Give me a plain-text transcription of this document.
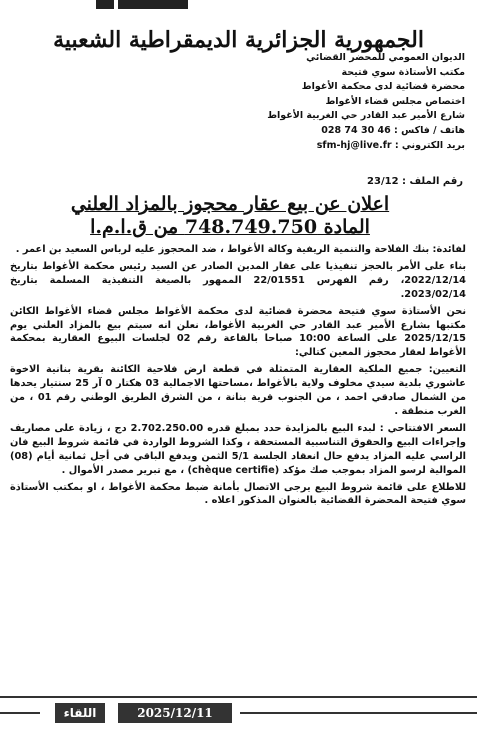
الجمهورية الجزائرية الديمقراطية الشعبية
الديوان العمومي للمحضر القضائي
مكتب الأستاذة سوي فتيحة
محضرة قضائية لدى محكمة الأغواط
اختصاص مجلس قضاء الأغواط
شارع الأمير عبد القادر حي الغربية الأغواط
هاتف / فاكس : 028 74 30 46
بريد الكتروني : sfm-hj@live.fr
رقم الملف : 23/12
اعلان عن بيع عقار محجوز بالمزاد العلني
المادة 748.749.750 من ق.ا.م.ا

لفائدة: بنك الفلاحة والتنمية الريفية وكالة الأغواط ، ضد المحجوز عليه لرباس السعيد بن اعمر .

بناء على الأمر بالحجز تنفيذيا على عقار المدين الصادر عن السيد رئيس محكمة الأغواط بتاريخ 2022/12/14، رقم الفهرس 22/01551 الممهور بالصيغة التنفيذية المسلمة بتاريخ 2023/02/14.

نحن الأستاذة سوي فتيحة محضرة قضائية لدى محكمة الأغواط مجلس قضاء الأغواط الكائن مكتبها بشارع الأمير عبد القادر حي الغربية الأغواط، نعلن انه سيتم بيع بالمزاد العلني يوم 2025/12/15 على الساعة 10:00 صباحا بالقاعة رقم 02 لجلسات البيوع العقارية بمحكمة الأغواط لعقار محجوز المعين كتالي:

التعيين: جميع الملكية العقارية المتمثلة في قطعة ارض فلاحية الكائنة بقرية بنانية الاخوة عاشوري بلدية سيدي مخلوف ولاية بالأغواط ،مساحتها الاجمالية 03 هكتار 0 آر 25 سنتيار يحدها من الشمال صادقي احمد ، من الجنوب قرية بنانة ، من الشرق الطريق الوطني رقم 01 ، من الغرب منطقة .

السعر الافتتاحي : لبدء البيع بالمزايدة حدد بمبلغ قدره 2.702.250.00 دج ، زيادة على مصاريف وإجراءات البيع والحقوق التناسبية المستحقة ، وكذا الشروط الواردة في قائمة شروط البيع فان الراسي عليه المزاد يدفع حال انعقاد الجلسة 5/1 الثمن ويدفع الباقي في أجل ثمانية أيام (08) الموالية لرسو المزاد بموجب صك مؤكد (chèque certifie) ، مع تبرير مصدر الأموال .

للاطلاع على قائمة شروط البيع يرجى الاتصال بأمانة ضبط محكمة الأغواط ، او بمكتب الأستاذة سوي فتيحة المحضرة القضائية بالعنوان المذكور اعلاه .

اللقاء	2025/12/11
